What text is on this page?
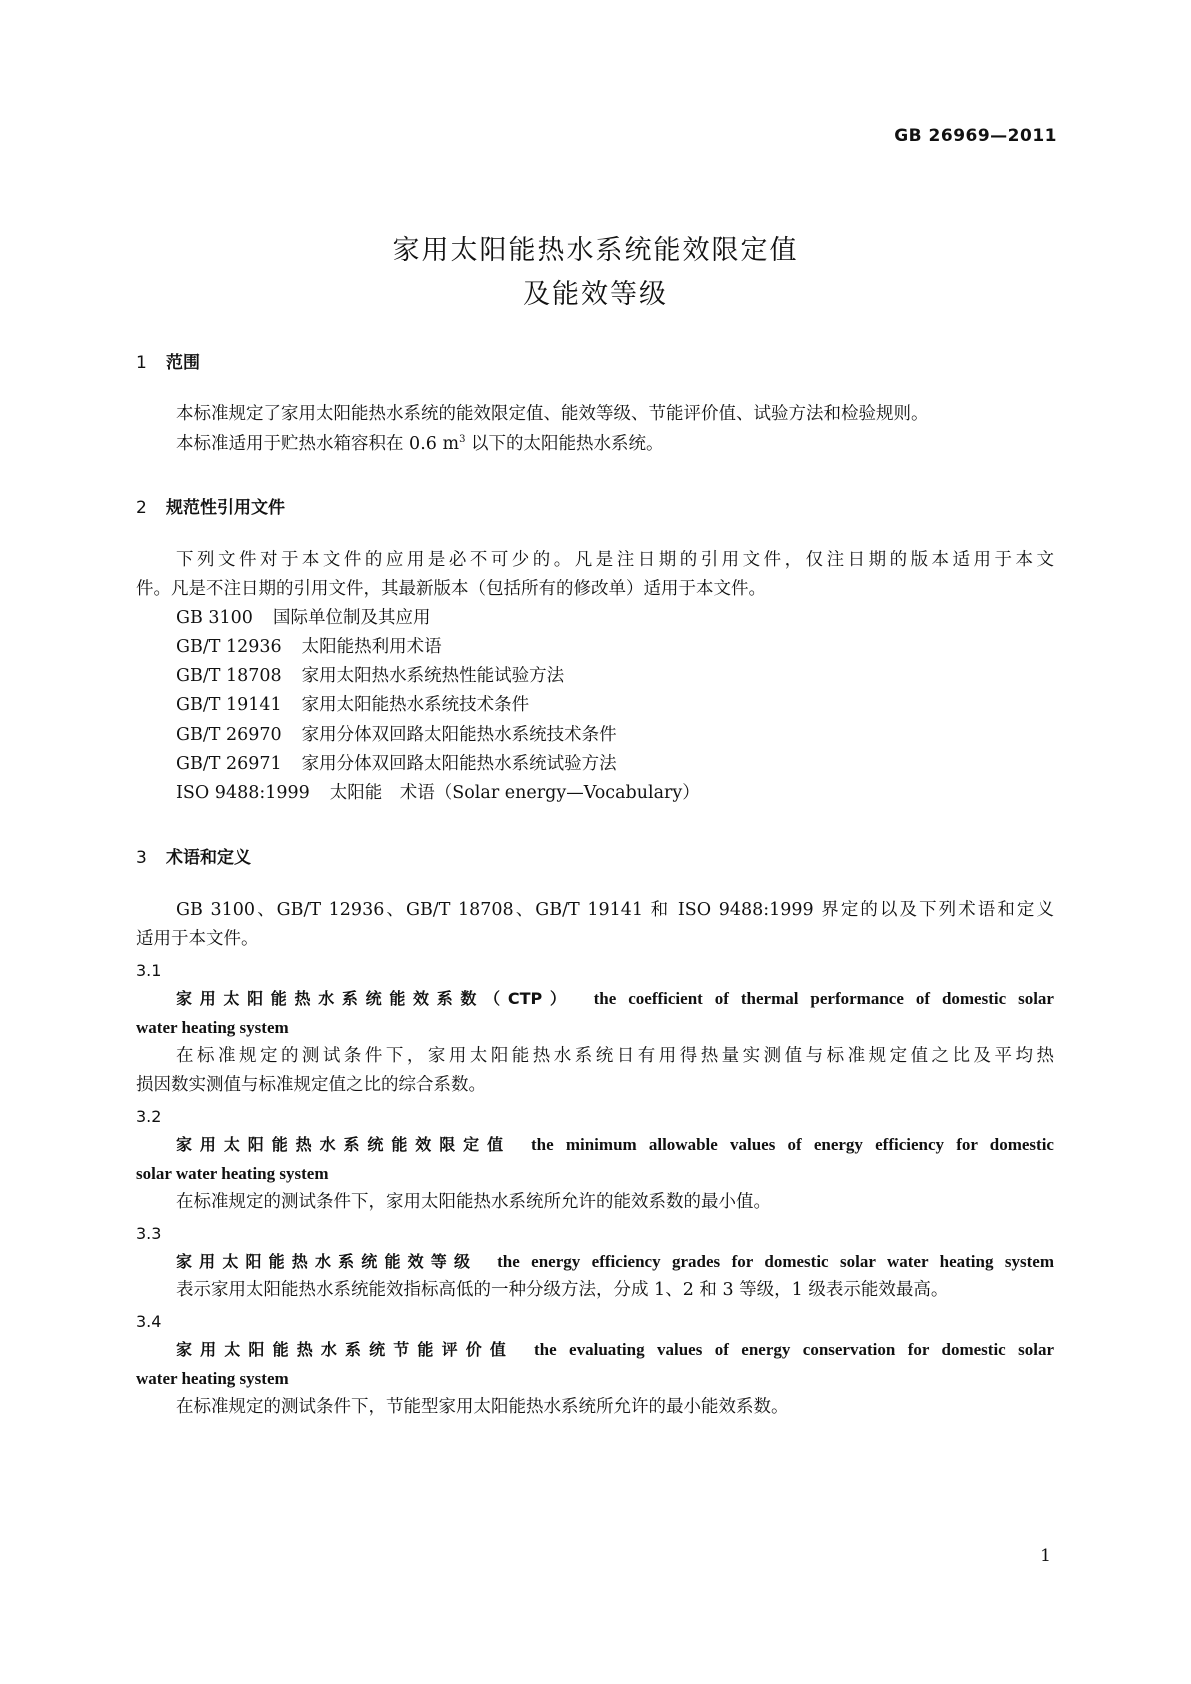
GB 26969—2011
家用太阳能热水系统能效限定值
及能效等级
1 范围
本标准规定了家用太阳能热水系统的能效限定值、能效等级、节能评价值、试验方法和检验规则。
本标准适用于贮热水箱容积在 0.6 $m^3$ 以下的太阳能热水系统。
2 规范性引用文件
下列文件对于本文件的应用是必不可少的。凡是注日期的引用文件，仅注日期的版本适用于本文
件。凡是不注日期的引用文件，其最新版本（包括所有的修改单）适用于本文件。
GB 3100 国际单位制及其应用
GB/T 12936 太阳能热利用术语
GB/T 18708 家用太阳热水系统热性能试验方法
GB/T 19141 家用太阳能热水系统技术条件
GB/T 26970 家用分体双回路太阳能热水系统技术条件
GB/T 26971 家用分体双回路太阳能热水系统试验方法
ISO 9488:1999 太阳能　术语（Solar energy—Vocabulary）
3 术语和定义
GB 3100、GB/T 12936、GB/T 18708、GB/T 19141 和 ISO 9488:1999 界定的以及下列术语和定义
适用于本文件。
3.1
家用太阳能热水系统能效系数（CTP） the coefficient of thermal performance of domestic solar
water heating system
在标准规定的测试条件下，家用太阳能热水系统日有用得热量实测值与标准规定值之比及平均热
损因数实测值与标准规定值之比的综合系数。
3.2
家用太阳能热水系统能效限定值 the minimum allowable values of energy efficiency for domestic
solar water heating system
在标准规定的测试条件下，家用太阳能热水系统所允许的能效系数的最小值。
3.3
家用太阳能热水系统能效等级 the energy efficiency grades for domestic solar water heating system
表示家用太阳能热水系统能效指标高低的一种分级方法，分成 1、2 和 3 等级，1 级表示能效最高。
3.4
家用太阳能热水系统节能评价值 the evaluating values of energy conservation for domestic solar
water heating system
在标准规定的测试条件下，节能型家用太阳能热水系统所允许的最小能效系数。
1
